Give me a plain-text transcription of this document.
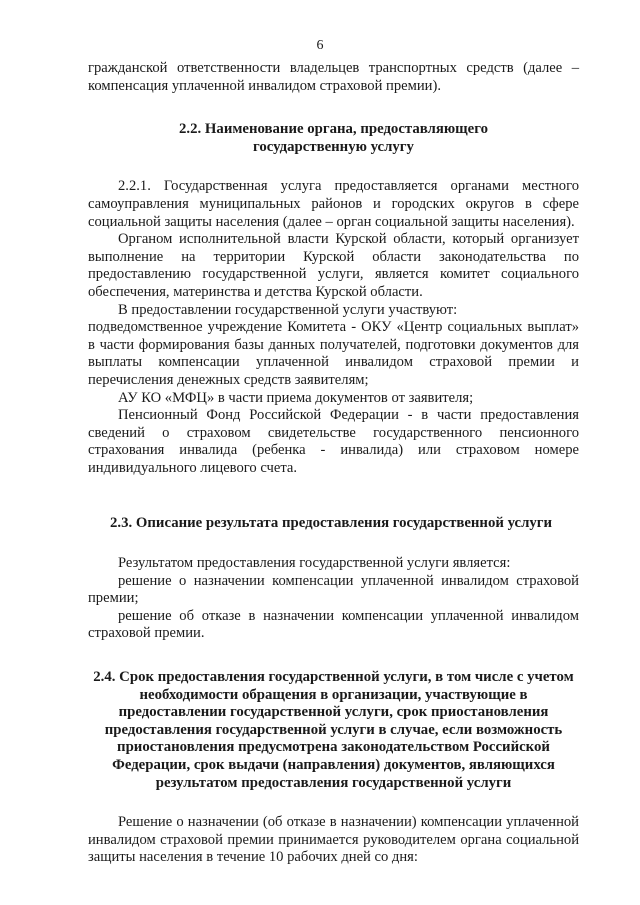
6

гражданской ответственности владельцев транспортных средств (далее – компенсация уплаченной инвалидом страховой премии).

2.2. Наименование органа, предоставляющего государственную услугу

2.2.1. Государственная услуга предоставляется органами местного самоуправления муниципальных районов и городских округов в сфере социальной защиты населения (далее – орган социальной защиты населения).

Органом исполнительной власти Курской области, который организует выполнение на территории Курской области законодательства по предоставлению государственной услуги, является комитет социального обеспечения, материнства и детства Курской области.

В предоставлении государственной услуги участвуют:

подведомственное учреждение Комитета - ОКУ «Центр социальных выплат» в части формирования базы данных получателей, подготовки документов для выплаты компенсации уплаченной инвалидом страховой премии и перечисления денежных средств заявителям;

АУ КО «МФЦ» в части приема документов от заявителя;

Пенсионный Фонд Российской Федерации - в части предоставления сведений о страховом свидетельстве государственного пенсионного страхования инвалида (ребенка - инвалида) или страховом номере индивидуального лицевого счета.

2.3. Описание результата предоставления государственной услуги

Результатом предоставления государственной услуги является:

решение о назначении компенсации уплаченной инвалидом страховой премии;

решение об отказе в назначении компенсации уплаченной инвалидом страховой премии.

2.4. Срок предоставления государственной услуги, в том числе с учетом необходимости обращения в организации, участвующие в предоставлении государственной услуги, срок приостановления предоставления государственной услуги в случае, если возможность приостановления предусмотрена законодательством Российской Федерации, срок выдачи (направления) документов, являющихся результатом предоставления государственной услуги

Решение о назначении (об отказе в назначении) компенсации уплаченной инвалидом страховой премии принимается руководителем органа социальной защиты населения в течение 10 рабочих дней со дня:
